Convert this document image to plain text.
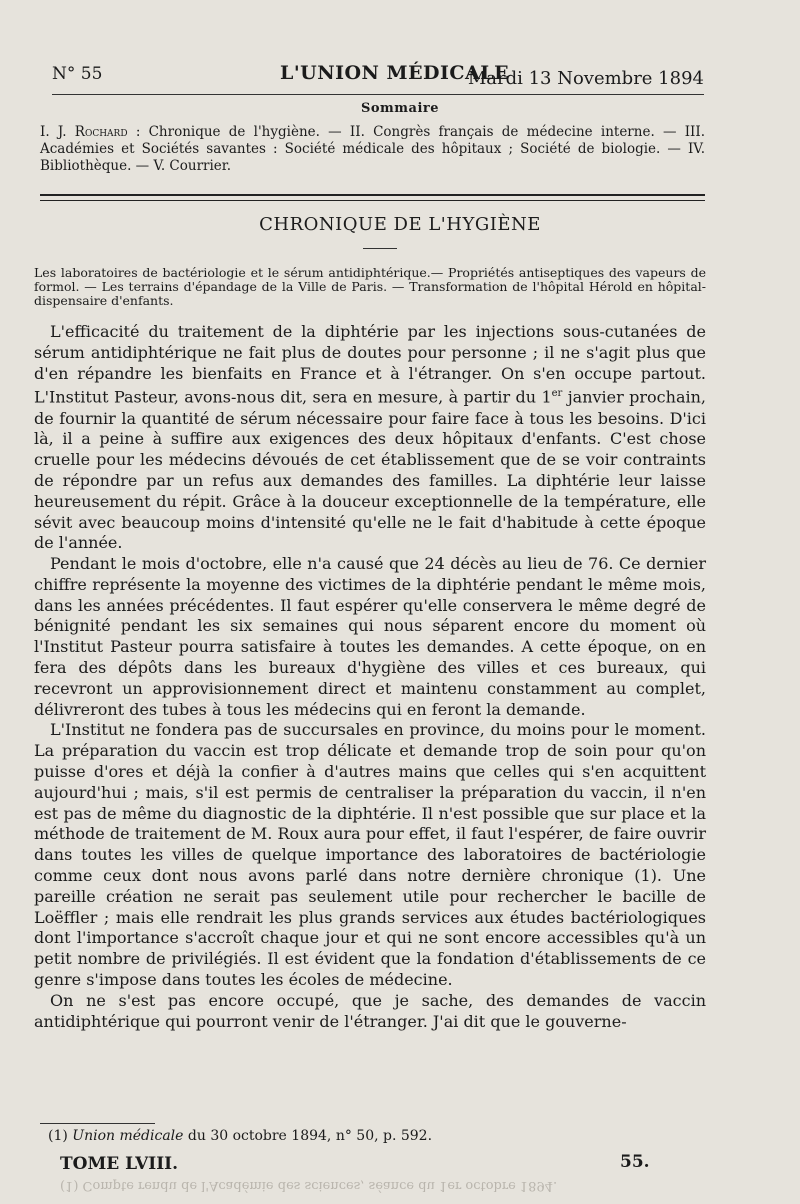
N° 55	L'UNION MÉDICALE
Mardi 13 Novembre 1894
Sommaire
I. J. Rochard : Chronique de l'hygiène. — II. Congrès français de médecine interne. — III. Académies et Sociétés savantes : Société médicale des hôpitaux ; Société de biologie. — IV. Bibliothèque. — V. Courrier.
CHRONIQUE DE L'HYGIÈNE
Les laboratoires de bactériologie et le sérum antidiphtérique.— Propriétés antiseptiques des vapeurs de formol. — Les terrains d'épandage de la Ville de Paris. — Transformation de l'hôpital Hérold en hôpital-dispensaire d'enfants.

L'efficacité du traitement de la diphtérie par les injections sous-cutanées de sérum antidiphtérique ne fait plus de doutes pour personne ; il ne s'agit plus que d'en répandre les bienfaits en France et à l'étranger. On s'en occupe partout. L'Institut Pasteur, avons-nous dit, sera en mesure, à partir du 1er janvier prochain, de fournir la quantité de sérum nécessaire pour faire face à tous les besoins. D'ici là, il a peine à suffire aux exigences des deux hôpitaux d'enfants. C'est chose cruelle pour les médecins dévoués de cet établissement que de se voir contraints de répondre par un refus aux demandes des familles. La diphtérie leur laisse heureusement du répit. Grâce à la douceur exceptionnelle de la température, elle sévit avec beaucoup moins d'intensité qu'elle ne le fait d'habitude à cette époque de l'année.

Pendant le mois d'octobre, elle n'a causé que 24 décès au lieu de 76. Ce dernier chiffre représente la moyenne des victimes de la diphtérie pendant le même mois, dans les années précédentes. Il faut espérer qu'elle conservera le même degré de bénignité pendant les six semaines qui nous séparent encore du moment où l'Institut Pasteur pourra satisfaire à toutes les demandes. A cette époque, on en fera des dépôts dans les bureaux d'hygiène des villes et ces bureaux, qui recevront un approvisionnement direct et maintenu constamment au complet, délivreront des tubes à tous les médecins qui en feront la demande.

L'Institut ne fondera pas de succursales en province, du moins pour le moment. La préparation du vaccin est trop délicate et demande trop de soin pour qu'on puisse d'ores et déjà la confier à d'autres mains que celles qui s'en acquittent aujourd'hui ; mais, s'il est permis de centraliser la préparation du vaccin, il n'en est pas de même du diagnostic de la diphtérie. Il n'est possible que sur place et la méthode de traitement de M. Roux aura pour effet, il faut l'espérer, de faire ouvrir dans toutes les villes de quelque importance des laboratoires de bactériologie comme ceux dont nous avons parlé dans notre dernière chronique (1). Une pareille création ne serait pas seulement utile pour rechercher le bacille de Loëffler ; mais elle rendrait les plus grands services aux études bactériologiques dont l'importance s'accroît chaque jour et qui ne sont encore accessibles qu'à un petit nombre de privilégiés. Il est évident que la fondation d'établissements de ce genre s'impose dans toutes les écoles de médecine.

On ne s'est pas encore occupé, que je sache, des demandes de vaccin antidiphtérique qui pourront venir de l'étranger. J'ai dit que le gouverne-

(1) Union médicale du 30 octobre 1894, n° 50, p. 592.
TOME LVIII.	55.
(1) Compte rendu de l'Académie des sciences, séance du 1er octobre 1894.
